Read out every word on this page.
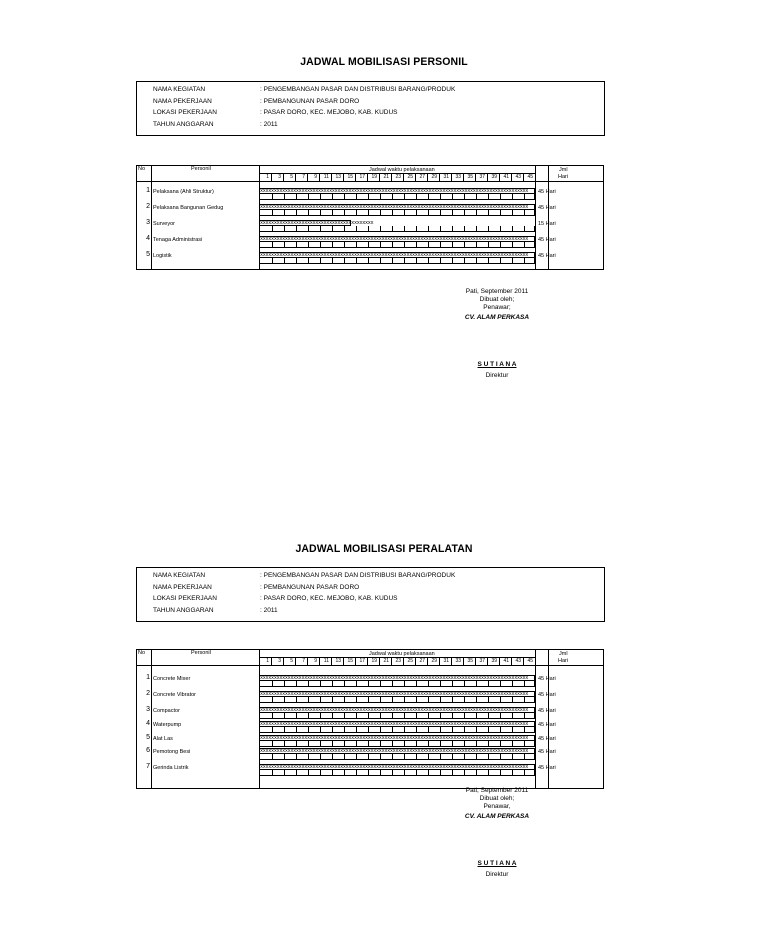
JADWAL MOBILISASI PERSONIL
NAMA KEGIATAN	: PENGEMBANGAN PASAR DAN DISTRIBUSI BARANG/PRODUK
NAMA PEKERJAAN	: PEMBANGUNAN PASAR DORO
LOKASI PEKERJAAN	: PASAR DORO, KEC. MEJOBO, KAB. KUDUS
TAHUN ANGGARAN	: 2011
No	Personil	Jadwal waktu pelaksanaan	Jml
Hari
1	3	5	7	9	11	13	15	17	19	21	23	25	27	29	31	33	35	37	39	41	43	45
1 Pelaksana (Ahli Struktur)	xxxxxxxxxxxxxxxxxxxxxxxxxxxxxxxxxxxxxxxxxxxxxxxxxxxxxxxxxxxxxxxxxxxxxxxxxxxxxxxxxxxxxxxxxxxxxxxxx	45 Hari
2 Pelaksana Bangunan Gedug	xxxxxxxxxxxxxxxxxxxxxxxxxxxxxxxxxxxxxxxxxxxxxxxxxxxxxxxxxxxxxxxxxxxxxxxxxxxxxxxxxxxxxxxxxxxxxxxxx	45 Hari
3 Surveyor	xxxxxxxxxxxxxxxxxxxxxxxxxxxxxxxxxxxxxxxxx	15 Hari
4 Tenaga Administrasi	xxxxxxxxxxxxxxxxxxxxxxxxxxxxxxxxxxxxxxxxxxxxxxxxxxxxxxxxxxxxxxxxxxxxxxxxxxxxxxxxxxxxxxxxxxxxxxxxx	45 Hari
5 Logistik	xxxxxxxxxxxxxxxxxxxxxxxxxxxxxxxxxxxxxxxxxxxxxxxxxxxxxxxxxxxxxxxxxxxxxxxxxxxxxxxxxxxxxxxxxxxxxxxxx	45 Hari
Pati, September 2011
Dibuat oleh;
Penawar;
CV. ALAM PERKASA
S U T I A N A
Direktur
JADWAL MOBILISASI PERALATAN
NAMA KEGIATAN	: PENGEMBANGAN PASAR DAN DISTRIBUSI BARANG/PRODUK
NAMA PEKERJAAN	: PEMBANGUNAN PASAR DORO
LOKASI PEKERJAAN	: PASAR DORO, KEC. MEJOBO, KAB. KUDUS
TAHUN ANGGARAN	: 2011
No	Personil	Jadwal waktu pelaksanaan	Jml
Hari
1	3	5	7	9	11	13	15	17	19	21	23	25	27	29	31	33	35	37	39	41	43	45
1 Concrete Mixer	xxxxxxxxxxxxxxxxxxxxxxxxxxxxxxxxxxxxxxxxxxxxxxxxxxxxxxxxxxxxxxxxxxxxxxxxxxxxxxxxxxxxxxxxxxxxxxxxx	45 Hari
2 Concrete Vibrator	xxxxxxxxxxxxxxxxxxxxxxxxxxxxxxxxxxxxxxxxxxxxxxxxxxxxxxxxxxxxxxxxxxxxxxxxxxxxxxxxxxxxxxxxxxxxxxxxx	45 Hari
3 Compactor	xxxxxxxxxxxxxxxxxxxxxxxxxxxxxxxxxxxxxxxxxxxxxxxxxxxxxxxxxxxxxxxxxxxxxxxxxxxxxxxxxxxxxxxxxxxxxxxxx	45 Hari
4 Waterpump	xxxxxxxxxxxxxxxxxxxxxxxxxxxxxxxxxxxxxxxxxxxxxxxxxxxxxxxxxxxxxxxxxxxxxxxxxxxxxxxxxxxxxxxxxxxxxxxxx	45 Hari
5 Alat Las	xxxxxxxxxxxxxxxxxxxxxxxxxxxxxxxxxxxxxxxxxxxxxxxxxxxxxxxxxxxxxxxxxxxxxxxxxxxxxxxxxxxxxxxxxxxxxxxxx	45 Hari
6 Pemotong Besi	xxxxxxxxxxxxxxxxxxxxxxxxxxxxxxxxxxxxxxxxxxxxxxxxxxxxxxxxxxxxxxxxxxxxxxxxxxxxxxxxxxxxxxxxxxxxxxxxx	45 Hari
7 Gerinda Listrik	xxxxxxxxxxxxxxxxxxxxxxxxxxxxxxxxxxxxxxxxxxxxxxxxxxxxxxxxxxxxxxxxxxxxxxxxxxxxxxxxxxxxxxxxxxxxxxxxx	45 Hari
Pati, September 2011
Dibuat oleh;
Penawar,
CV. ALAM PERKASA
S U T I A N A
Direktur
